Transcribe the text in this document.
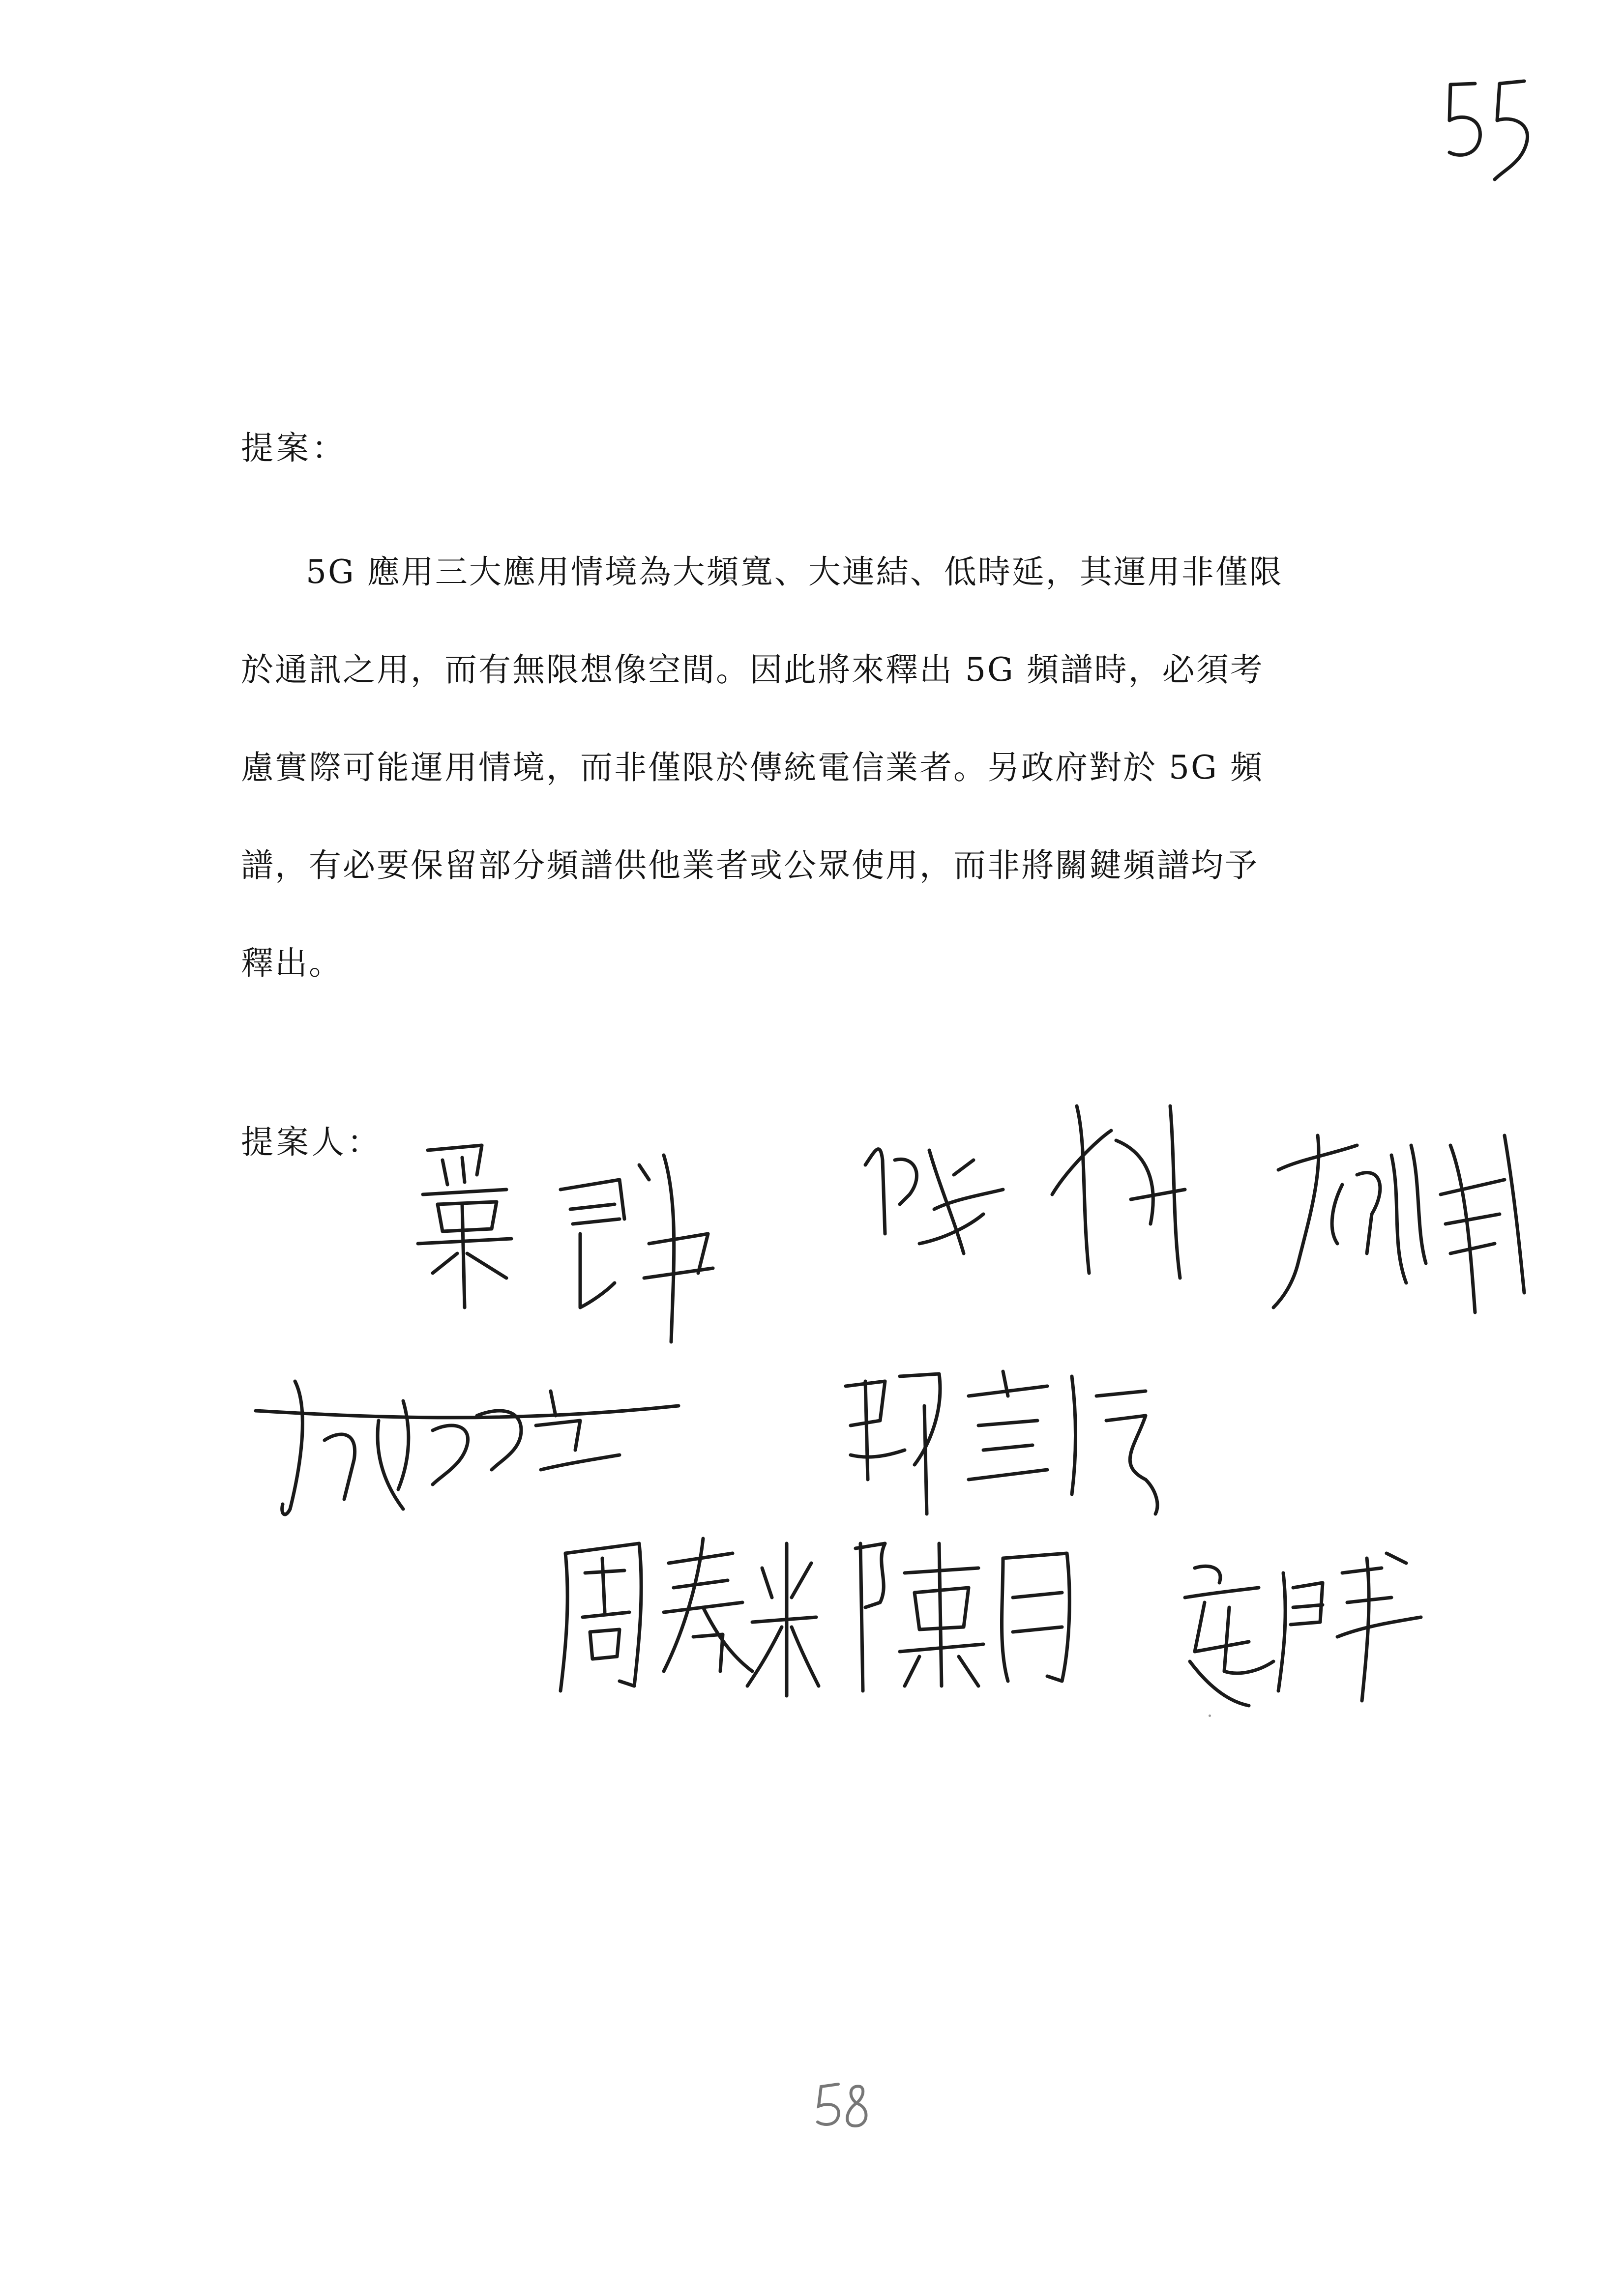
提案：
5G 應用三大應用情境為大頻寬、大連結、低時延，其運用非僅限
於通訊之用，而有無限想像空間。因此將來釋出 5G 頻譜時，必須考
慮實際可能運用情境，而非僅限於傳統電信業者。另政府對於 5G 頻
譜，有必要保留部分頻譜供他業者或公眾使用，而非將關鍵頻譜均予
釋出。
提案人：
